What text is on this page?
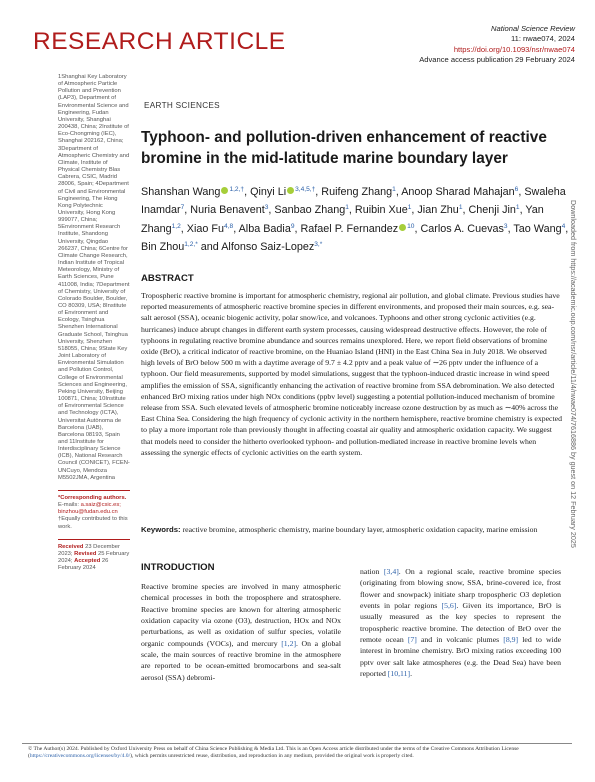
RESEARCH ARTICLE	National Science Review
11: nwae074, 2024
https://doi.org/10.1093/nsr/nwae074
Advance access publication 29 February 2024
1Shanghai Key Laboratory of Atmospheric Particle Pollution and Prevention (LAP3), Department of Environmental Science and Engineering, Fudan University, Shanghai 200438, China; 2Institute of Eco-Chongming (IEC), Shanghai 202162, China; 3Department of Atmospheric Chemistry and Climate, Institute of Physical Chemistry Blas Cabrera, CSIC, Madrid 28006, Spain; 4Department of Civil and Environmental Engineering, The Hong Kong Polytechnic University, Hong Kong 999077, China; 5Environment Research Institute, Shandong University, Qingdao 266237, China; 6Centre for Climate Change Research, Indian Institute of Tropical Meteorology, Ministry of Earth Sciences, Pune 411008, India; 7Department of Chemistry, University of Colorado Boulder, Boulder, CO 80309, USA; 8Institute of Environment and Ecology, Tsinghua Shenzhen International Graduate School, Tsinghua University, Shenzhen 518055, China; 9State Key Joint Laboratory of Environmental Simulation and Pollution Control, College of Environmental Sciences and Engineering, Peking University, Beijing 100871, China; 10Institute of Environmental Science and Technology (ICTA), Universitat Autònoma de Barcelona (UAB), Barcelona 08193, Spain and 11Institute for Interdisciplinary Science (ICB), National Research Council (CONICET), FCEN-UNCuyo, Mendoza M5502JMA, Argentina
*Corresponding authors. E-mails: a.saiz@csic.es; binzhou@fudan.edu.cn
†Equally contributed to this work.
Received 23 December 2023; Revised 25 February 2024; Accepted 26 February 2024
EARTH SCIENCES
Typhoon- and pollution-driven enhancement of reactive bromine in the mid-latitude marine boundary layer
Shanshan Wang $^{1,2,\dagger}$, Qinyi Li $^{3,4,5,\dagger}$, Ruifeng Zhang$^1$, Anoop Sharad Mahajan$^6$, Swaleha Inamdar$^7$, Nuria Benavent$^3$, Sanbao Zhang$^1$, Ruibin Xue$^1$, Jian Zhu$^1$, Chenji Jin$^1$, Yan Zhang$^{1,2}$, Xiao Fu$^{4,8}$, Alba Badia$^9$, Rafael P. Fernandez $^{10}$, Carlos A. Cuevas$^3$, Tao Wang$^4$, Bin Zhou$^{1,2,*}$ and Alfonso Saiz-Lopez$^{3,*}$
ABSTRACT
Tropospheric reactive bromine is important for atmospheric chemistry, regional air pollution, and global climate. Previous studies have reported measurements of atmospheric reactive bromine species in different environments, and proposed their main sources, e.g. sea-salt aerosol (SSA), oceanic biogenic activity, polar snow/ice, and volcanoes. Typhoons and other strong cyclonic activities (e.g. hurricanes) induce abrupt changes in different earth system processes, causing widespread destructive effects. However, the role of typhoons in regulating reactive bromine abundance and sources remains unexplored. Here, we report field observations of bromine oxide (BrO), a critical indicator of reactive bromine, on the Huaniao Island (HNI) in the East China Sea in July 2018. We observed high levels of BrO below 500 m with a daytime average of 9.7 ± 4.2 pptv and a peak value of ∼26 pptv under the influence of a typhoon. Our field measurements, supported by model simulations, suggest that the typhoon-induced drastic increase in wind speed amplifies the emission of SSA, significantly enhancing the activation of reactive bromine from SSA debromination. We also detected enhanced BrO mixing ratios under high NOx conditions (ppbv level) suggesting a potential pollution-induced mechanism of bromine release from SSA. Such elevated levels of atmospheric bromine noticeably increase ozone destruction by as much as ∼40% across the East China Sea. Considering the high frequency of cyclonic activity in the northern hemisphere, reactive bromine chemistry is expected to play a more important role than previously thought in affecting coastal air quality and atmospheric oxidation capacity. We suggest that models need to consider the hitherto overlooked typhoon- and pollution-mediated increase in reactive bromine levels when assessing the synergic effects of cyclonic activities on the earth system.
Keywords: reactive bromine, atmospheric chemistry, marine boundary layer, atmospheric oxidation capacity, marine emission
INTRODUCTION
Reactive bromine species are involved in many atmospheric chemical processes in both the troposphere and stratosphere. Reactive bromine species are known for altering atmospheric oxidation capacity via ozone (O3), destruction, HOx and NOx perturbations, as well as oxidation of sulfur species, volatile organic compounds (VOCs), and mercury [1,2]. On a global scale, the main sources of reactive bromine in the atmosphere are reported to be ocean-emitted bromocarbons and sea-salt aerosol (SSA) debromi-
nation [3,4]. On a regional scale, reactive bromine species (originating from blowing snow, SSA, brine-covered ice, frost flower and snowpack) initiate sharp tropospheric O3 depletion events in polar regions [5,6]. Given its importance, BrO is usually measured as the key species to represent the tropospheric reactive bromine. The detection of BrO over the remote ocean [7] and in volcanic plumes [8,9] led to wide interest in bromine chemistry. BrO mixing ratios exceeding 100 pptv over salt lake atmospheres (e.g. the Dead Sea) have been reported [10,11].
© The Author(s) 2024. Published by Oxford University Press on behalf of China Science Publishing & Media Ltd. This is an Open Access article distributed under the terms of the Creative Commons Attribution License (https://creativecommons.org/licenses/by/4.0/), which permits unrestricted reuse, distribution, and reproduction in any medium, provided the original work is properly cited.
Downloaded from https://academic.oup.com/nsr/article/11/4/nwae074/7616886 by guest on 12 February 2025
